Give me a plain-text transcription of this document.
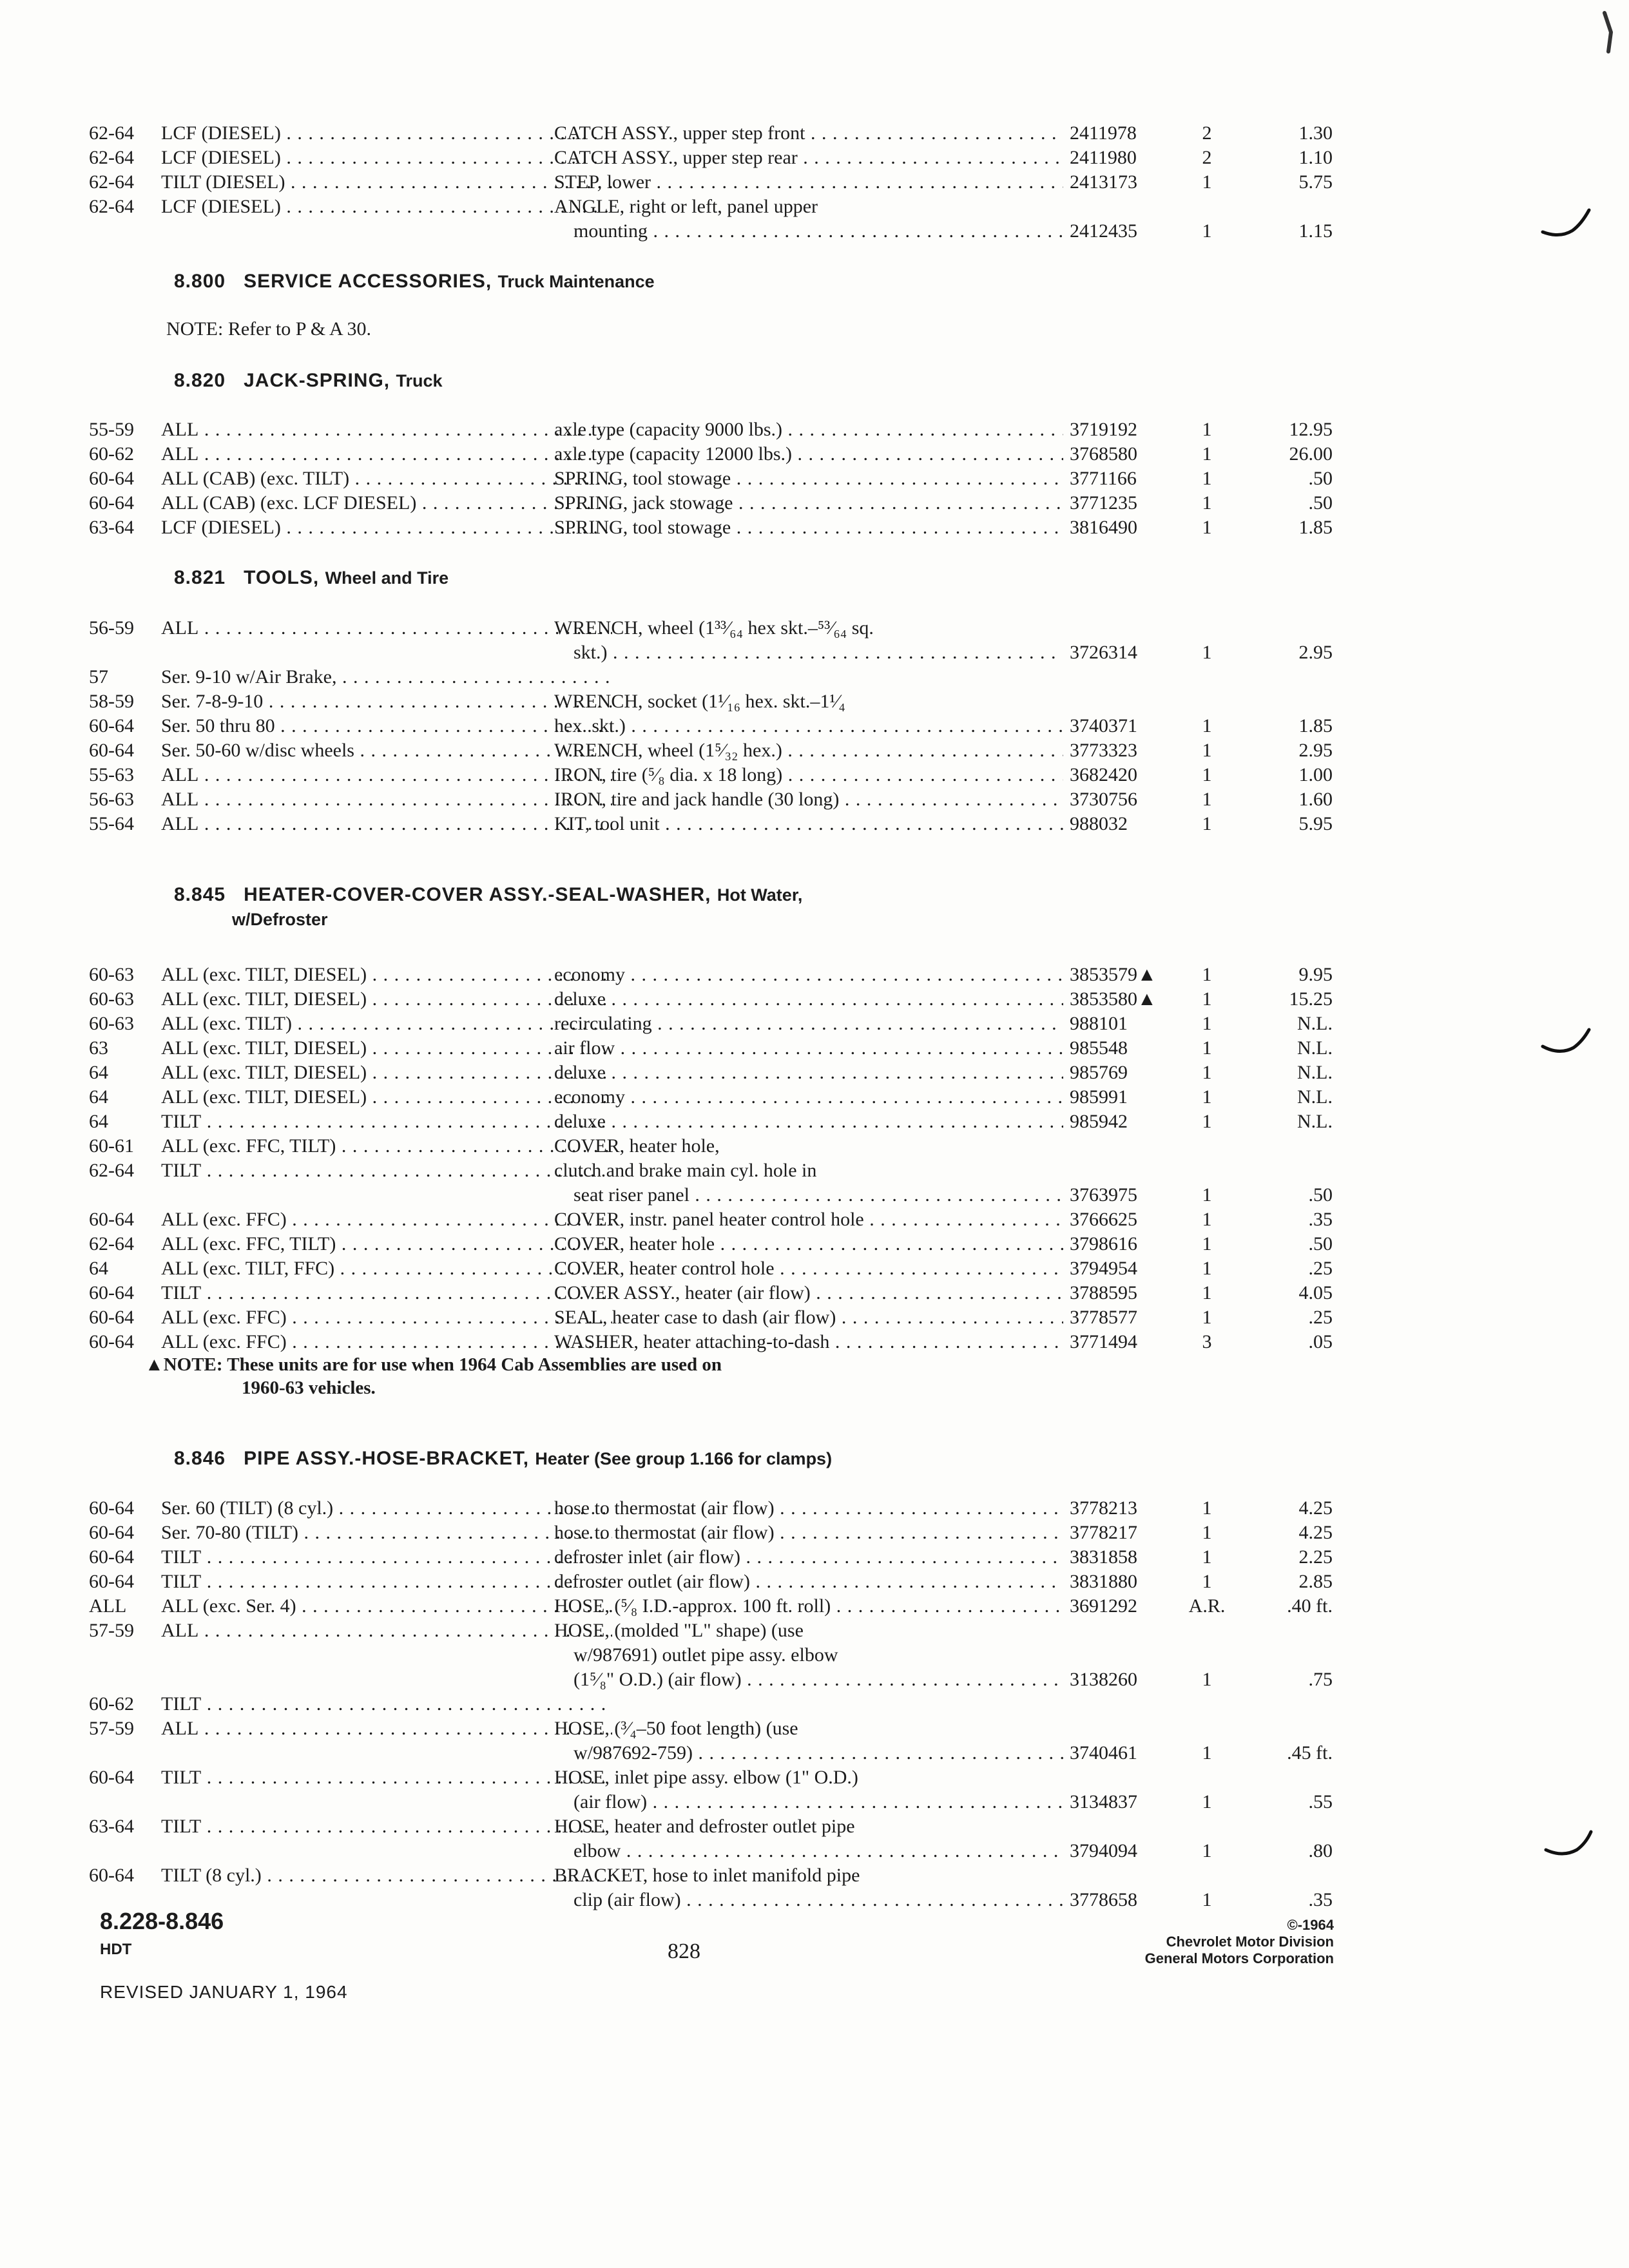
62-64	LCF (DIESEL) . . .	CATCH ASSY., upper step front . . .	2411978	2	1.30
62-64	LCF (DIESEL) . . .	CATCH ASSY., upper step rear . . .	2411980	2	1.10
62-64	TILT (DIESEL) . . .	STEP, lower . . .	2413173	1	5.75
62-64	LCF (DIESEL) . . .	ANGLE, right or left, panel upper
mounting . . .	2412435	1	1.15
8.800 SERVICE ACCESSORIES, Truck Maintenance
NOTE: Refer to P & A 30.
8.820 JACK-SPRING, Truck
55-59	ALL . . .	axle type (capacity 9000 lbs.) . . .	3719192	1	12.95
60-62	ALL . . .	axle type (capacity 12000 lbs.) . . .	3768580	1	26.00
60-64	ALL (CAB) (exc. TILT) . . .	SPRING, tool stowage . . .	3771166	1	.50
60-64	ALL (CAB) (exc. LCF DIESEL) . . .	SPRING, jack stowage . . .	3771235	1	.50
63-64	LCF (DIESEL) . . .	SPRING, tool stowage . . .	3816490	1	1.85
8.821 TOOLS, Wheel and Tire
56-59	ALL . . .	WRENCH, wheel (1³³⁄₆₄ hex skt.–⁵³⁄₆₄ sq.
skt.) . . .	3726314	1	2.95
57	Ser. 9-10 w/Air Brake, . . .
58-59	Ser. 7-8-9-10 . . .	WRENCH, socket (1¹⁄₁₆ hex. skt.–1¹⁄₄
60-64	Ser. 50 thru 80 . . .	hex. skt.) . . .	3740371	1	1.85
60-64	Ser. 50-60 w/disc wheels . . .	WRENCH, wheel (1⁵⁄₃₂ hex.) . . .	3773323	1	2.95
55-63	ALL . . .	IRON, tire (⁵⁄₈ dia. x 18 long) . . .	3682420	1	1.00
56-63	ALL . . .	IRON, tire and jack handle (30 long) . . .	3730756	1	1.60
55-64	ALL . . .	KIT, tool unit . . .	988032	1	5.95
8.845 HEATER-COVER-COVER ASSY.-SEAL-WASHER, Hot Water,
w/Defroster
60-63	ALL (exc. TILT, DIESEL) . . .	economy . . .	3853579▲	1	9.95
60-63	ALL (exc. TILT, DIESEL) . . .	deluxe . . .	3853580▲	1	15.25
60-63	ALL (exc. TILT) . . .	recirculating . . .	988101	1	N.L.
63	ALL (exc. TILT, DIESEL) . . .	air flow . . .	985548	1	N.L.
64	ALL (exc. TILT, DIESEL) . . .	deluxe . . .	985769	1	N.L.
64	ALL (exc. TILT, DIESEL) . . .	economy . . .	985991	1	N.L.
64	TILT . . .	deluxe . . .	985942	1	N.L.
60-61	ALL (exc. FFC, TILT) . . .	COVER, heater hole,
62-64	TILT . . .	clutch and brake main cyl. hole in
seat riser panel . . .	3763975	1	.50
60-64	ALL (exc. FFC) . . .	COVER, instr. panel heater control hole . . .	3766625	1	.35
62-64	ALL (exc. FFC, TILT) . . .	COVER, heater hole . . .	3798616	1	.50
64	ALL (exc. TILT, FFC) . . .	COVER, heater control hole . . .	3794954	1	.25
60-64	TILT . . .	COVER ASSY., heater (air flow) . . .	3788595	1	4.05
60-64	ALL (exc. FFC) . . .	SEAL, heater case to dash (air flow) . . .	3778577	1	.25
60-64	ALL (exc. FFC) . . .	WASHER, heater attaching-to-dash . . .	3771494	3	.05
▲NOTE: These units are for use when 1964 Cab Assemblies are used on
1960-63 vehicles.
8.846 PIPE ASSY.-HOSE-BRACKET, Heater (See group 1.166 for clamps)
60-64	Ser. 60 (TILT) (8 cyl.) . . .	hose to thermostat (air flow) . . .	3778213	1	4.25
60-64	Ser. 70-80 (TILT) . . .	hose to thermostat (air flow) . . .	3778217	1	4.25
60-64	TILT . . .	defroster inlet (air flow) . . .	3831858	1	2.25
60-64	TILT . . .	defroster outlet (air flow) . . .	3831880	1	2.85
ALL	ALL (exc. Ser. 4) . . .	HOSE, (⁵⁄₈ I.D.-approx. 100 ft. roll) . . .	3691292	A.R.	.40 ft.
57-59	ALL . . .	HOSE, (molded "L" shape) (use
w/987691) outlet pipe assy. elbow
(1⁵⁄₈" O.D.) (air flow) . . .	3138260	1	.75
60-62	TILT . . .
57-59	ALL . . .	HOSE, (³⁄₄–50 foot length) (use
w/987692-759) . . .	3740461	1	.45 ft.
60-64	TILT . . .	HOSE, inlet pipe assy. elbow (1" O.D.)
(air flow) . . .	3134837	1	.55
63-64	TILT . . .	HOSE, heater and defroster outlet pipe
elbow . . .	3794094	1	.80
60-64	TILT (8 cyl.) . . .	BRACKET, hose to inlet manifold pipe
clip (air flow) . . .	3778658	1	.35
8.228-8.846
HDT
REVISED JANUARY 1, 1964
828
©-1964
Chevrolet Motor Division
General Motors Corporation
